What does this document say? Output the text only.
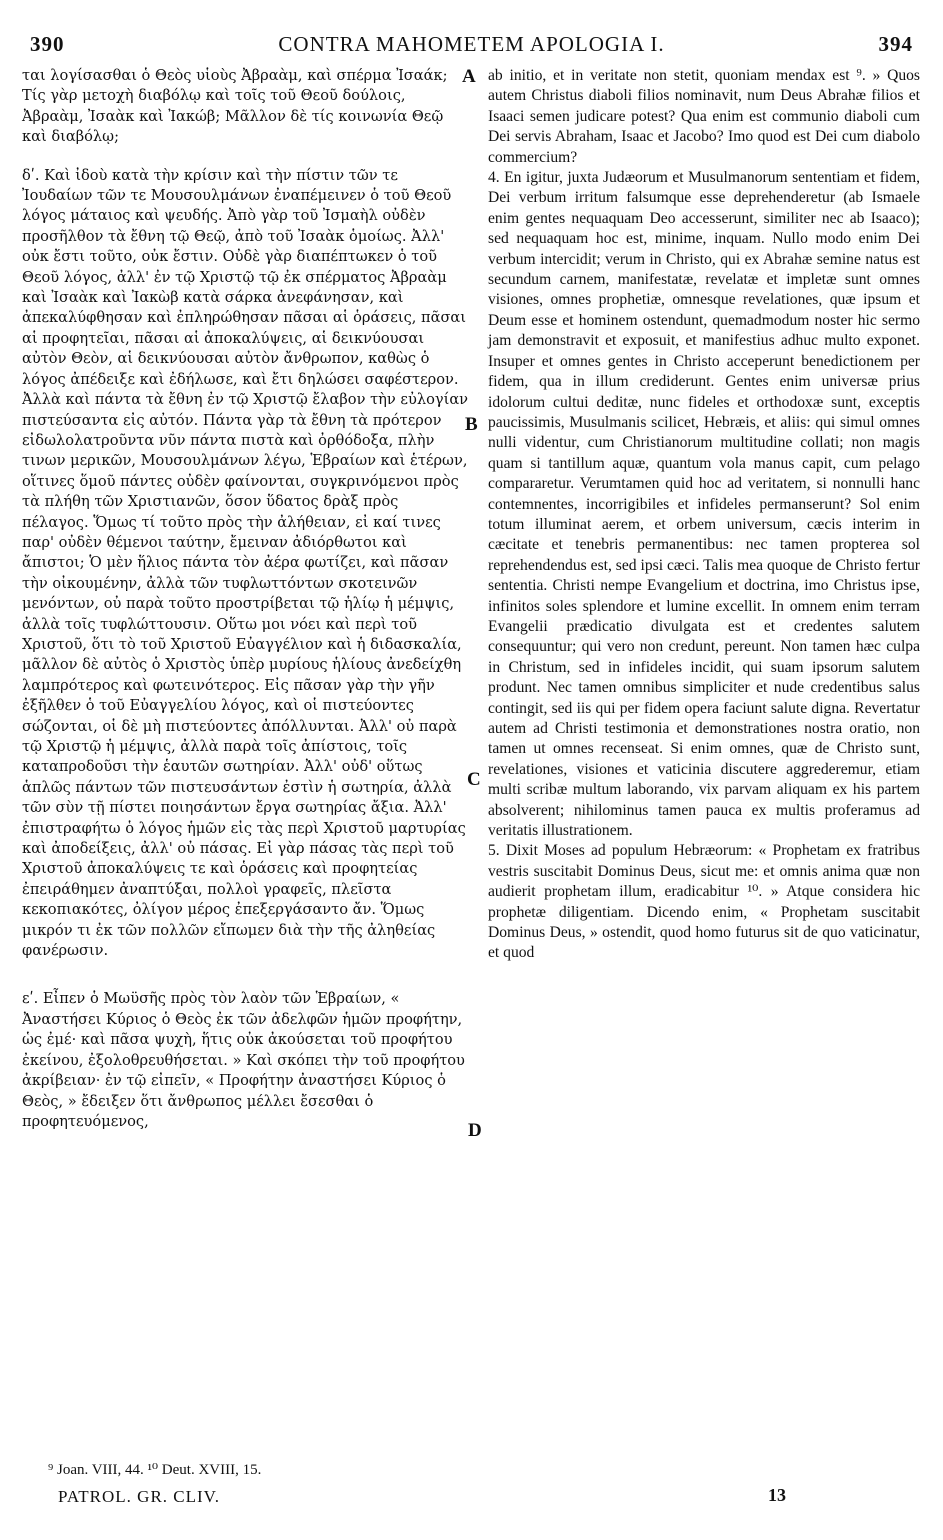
390	CONTRA MAHOMETEM APOLOGIA I.	394

ται λογίσασθαι ὁ Θεὸς υἱοὺς Ἀβραὰμ, καὶ σπέρμα Ἰσαάκ; Τίς γὰρ μετοχὴ διαβόλῳ καὶ τοῖς τοῦ Θεοῦ δούλοις, Ἀβραὰμ, Ἰσαὰκ καὶ Ἰακώβ; Μᾶλλον δὲ τίς κοινωνία Θεῷ καὶ διαβόλῳ;

δʹ. Καὶ ἰδοὺ κατὰ τὴν κρίσιν καὶ τὴν πίστιν τῶν τε Ἰουδαίων τῶν τε Μουσουλμάνων ἐναπέμεινεν ὁ τοῦ Θεοῦ λόγος μάταιος καὶ ψευδής. Ἀπὸ γὰρ τοῦ Ἰσμαὴλ οὐδὲν προσῆλθον τὰ ἔθνη τῷ Θεῷ, ἀπὸ τοῦ Ἰσαὰκ ὁμοίως. Ἀλλ' οὐκ ἔστι τοῦτο, οὐκ ἔστιν. Οὐδὲ γὰρ διαπέπτωκεν ὁ τοῦ Θεοῦ λόγος, ἀλλ' ἐν τῷ Χριστῷ τῷ ἐκ σπέρματος Ἀβραὰμ καὶ Ἰσαὰκ καὶ Ἰακὼβ κατὰ σάρκα ἀνεφάνησαν, καὶ ἀπεκαλύφθησαν καὶ ἐπληρώθησαν πᾶσαι αἱ ὁράσεις, πᾶσαι αἱ προφητεῖαι, πᾶσαι αἱ ἀποκαλύψεις, αἱ δεικνύουσαι αὐτὸν Θεὸν, αἱ δεικνύουσαι αὐτὸν ἄνθρωπον, καθὼς ὁ λόγος ἀπέδειξε καὶ ἐδήλωσε, καὶ ἔτι δηλώσει σαφέστερον. Ἀλλὰ καὶ πάντα τὰ ἔθνη ἐν τῷ Χριστῷ ἔλαβον τὴν εὐλογίαν πιστεύσαντα εἰς αὐτόν. Πάντα γὰρ τὰ ἔθνη τὰ πρότερον εἰδωλολατροῦντα νῦν πάντα πιστὰ καὶ ὀρθόδοξα, πλὴν τινων μερικῶν, Μουσουλμάνων λέγω, Ἑβραίων καὶ ἑτέρων, οἵτινες ὅμοῦ πάντες οὐδὲν φαίνονται, συγκρινόμενοι πρὸς τὰ πλήθη τῶν Χριστιανῶν, ὅσον ὕδατος δρὰξ πρὸς πέλαγος. Ὅμως τί τοῦτο πρὸς τὴν ἀλήθειαν, εἰ καί τινες παρ' οὐδὲν θέμενοι ταύτην, ἔμειναν ἀδιόρθωτοι καὶ ἄπιστοι; Ὁ μὲν ἥλιος πάντα τὸν ἀέρα φωτίζει, καὶ πᾶσαν τὴν οἰκουμένην, ἀλλὰ τῶν τυφλωττόντων σκοτεινῶν μενόντων, οὐ παρὰ τοῦτο προστρίβεται τῷ ἡλίῳ ἡ μέμψις, ἀλλὰ τοῖς τυφλώττουσιν. Οὕτω μοι νόει καὶ περὶ τοῦ Χριστοῦ, ὅτι τὸ τοῦ Χριστοῦ Εὐαγγέλιον καὶ ἡ διδασκαλία, μᾶλλον δὲ αὐτὸς ὁ Χριστὸς ὑπὲρ μυρίους ἡλίους ἀνεδείχθη λαμπρότερος καὶ φωτεινότερος. Εἰς πᾶσαν γὰρ τὴν γῆν ἐξῆλθεν ὁ τοῦ Εὐαγγελίου λόγος, καὶ οἱ πιστεύοντες σώζονται, οἱ δὲ μὴ πιστεύοντες ἀπόλλυνται. Ἀλλ' οὐ παρὰ τῷ Χριστῷ ἡ μέμψις, ἀλλὰ παρὰ τοῖς ἀπίστοις, τοῖς καταπροδοῦσι τὴν ἑαυτῶν σωτηρίαν. Ἀλλ' οὐδ' οὕτως ἁπλῶς πάντων τῶν πιστευσάντων ἐστὶν ἡ σωτηρία, ἀλλὰ τῶν σὺν τῇ πίστει ποιησάντων ἔργα σωτηρίας ἄξια. Ἀλλ' ἐπιστραφήτω ὁ λόγος ἡμῶν εἰς τὰς περὶ Χριστοῦ μαρτυρίας καὶ ἀποδείξεις, ἀλλ' οὐ πάσας. Εἰ γὰρ πάσας τὰς περὶ τοῦ Χριστοῦ ἀποκαλύψεις τε καὶ ὁράσεις καὶ προφητείας ἐπειράθημεν ἀναπτύξαι, πολλοὶ γραφεῖς, πλεῖστα κεκοπιακότες, ὀλίγον μέρος ἐπεξεργάσαντο ἄν. Ὅμως μικρόν τι ἐκ τῶν πολλῶν εἴπωμεν διὰ τὴν τῆς ἀληθείας φανέρωσιν.

εʹ. Εἶπεν ὁ Μωϋσῆς πρὸς τὸν λαὸν τῶν Ἑβραίων, « Ἀναστήσει Κύριος ὁ Θεὸς ἐκ τῶν ἀδελφῶν ἡμῶν προφήτην, ὡς ἐμέ· καὶ πᾶσα ψυχὴ, ἥτις οὐκ ἀκούσεται τοῦ προφήτου ἐκείνου, ἐξολοθρευθήσεται. » Καὶ σκόπει τὴν τοῦ προφήτου ἀκρίβειαν· ἐν τῷ εἰπεῖν, « Προφήτην ἀναστήσει Κύριος ὁ Θεὸς, » ἔδειξεν ὅτι ἄνθρωπος μέλλει ἔσεσθαι ὁ προφητευόμενος,

A
B
C
D

ab initio, et in veritate non stetit, quoniam mendax est ⁹. » Quos autem Christus diaboli filios nominavit, num Deus Abrahæ filios et Isaaci semen judicare potest? Qua enim est communio diaboli cum Dei servis Abraham, Isaac et Jacobo? Imo quod est Dei cum diabolo commercium?

4. En igitur, juxta Judæorum et Musulmanorum sententiam et fidem, Dei verbum irritum falsumque esse deprehenderetur (ab Ismaele enim gentes nequaquam Deo accesserunt, similiter nec ab Isaaco); sed nequaquam hoc est, minime, inquam. Nullo modo enim Dei verbum intercidit; verum in Christo, qui ex Abrahæ semine natus est secundum carnem, manifestatæ, revelatæ et impletæ sunt omnes visiones, omnes prophetiæ, omnesque revelationes, quæ ipsum et Deum esse et hominem ostendunt, quemadmodum noster hic sermo jam demonstravit et exposuit, et manifestius adhuc multo exponet. Insuper et omnes gentes in Christo acceperunt benedictionem per fidem, qua in illum crediderunt. Gentes enim universæ prius idolorum cultui deditæ, nunc fideles et orthodoxæ sunt, exceptis paucissimis, Musulmanis scilicet, Hebræis, et aliis: qui simul omnes nulli videntur, cum Christianorum multitudine collati; non magis quam si tantillum aquæ, quantum vola manus capit, cum pelago compararetur. Verumtamen quid hoc ad veritatem, si nonnulli hanc contemnentes, incorrigibiles et infideles permanserunt? Sol enim totum illuminat aerem, et orbem universum, cæcis interim in cæcitate et tenebris permanentibus: nec tamen propterea sol reprehendendus est, sed ipsi cæci. Talis mea quoque de Christo fertur sententia. Christi nempe Evangelium et doctrina, imo Christus ipse, infinitos soles splendore et lumine excellit. In omnem enim terram Evangelii prædicatio divulgata est et credentes salutem consequuntur; qui vero non credunt, pereunt. Non tamen hæc culpa in Christum, sed in infideles incidit, qui suam ipsorum salutem produnt. Nec tamen omnibus simpliciter et nude credentibus salus contingit, sed iis qui per fidem opera faciunt salute digna. Revertatur autem ad Christi testimonia et demonstrationes nostra oratio, non tamen ut omnes recenseat. Si enim omnes, quæ de Christo sunt, revelationes, visiones et vaticinia discutere aggrederemur, etiam multi scribæ multum laborando, vix parvam aliquam ex his partem absolverent; nihilominus tamen pauca ex multis proferamus ad veritatis illustrationem.

5. Dixit Moses ad populum Hebræorum: « Prophetam ex fratribus vestris suscitabit Dominus Deus, sicut me: et omnis anima quæ non audierit prophetam illum, eradicabitur ¹⁰. » Atque considera hic prophetæ diligentiam. Dicendo enim, « Prophetam suscitabit Dominus Deus, » ostendit, quod homo futurus sit de quo vaticinatur, et quod

⁹ Joan. VIII, 44. ¹⁰ Deut. XVIII, 15.
PATROL. GR. CLIV.	13
